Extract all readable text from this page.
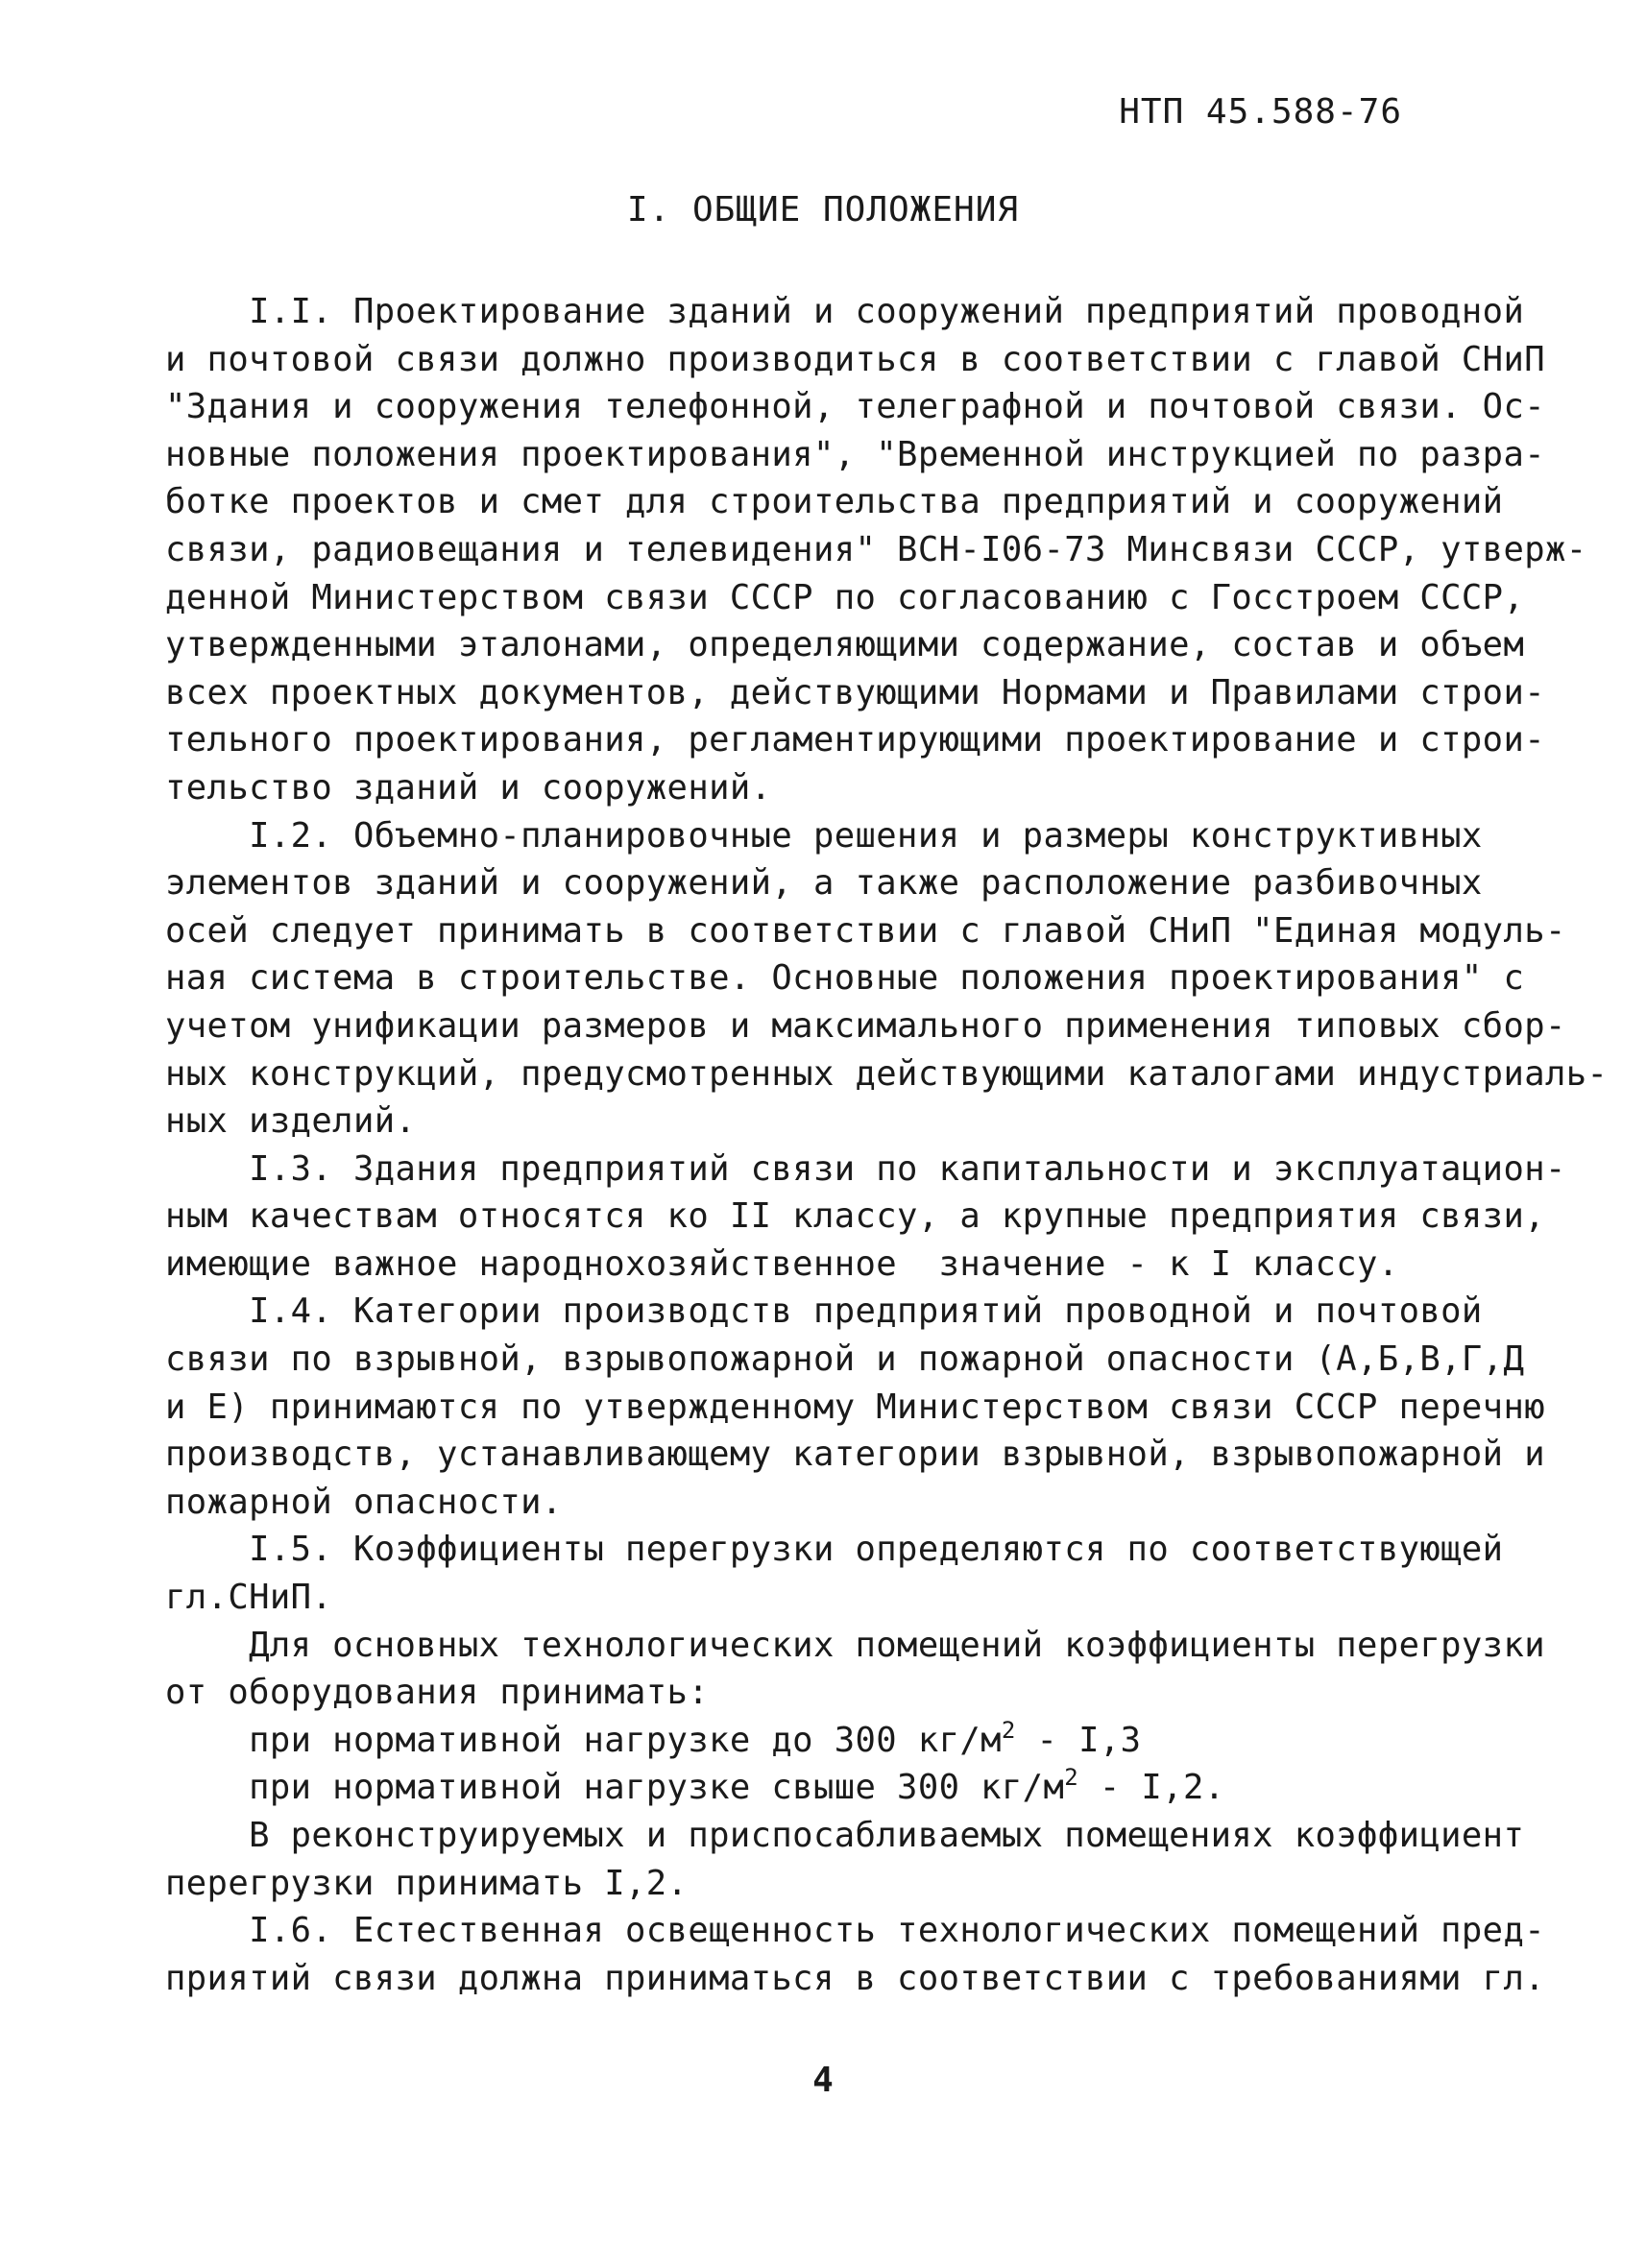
НТП 45.588-76
I. ОБЩИЕ ПОЛОЖЕНИЯ
I.I. Проектирование зданий и сооружений предприятий проводной
и почтовой связи должно производиться в соответствии с главой СНиП
"Здания и сооружения телефонной, телеграфной и почтовой связи. Ос-
новные положения проектирования", "Временной инструкцией по разра-
ботке проектов и смет для строительства предприятий и сооружений
связи, радиовещания и телевидения" ВСН-I06-73 Минсвязи СССР, утверж-
денной Министерством связи СССР по согласованию с Госстроем СССР,
утвержденными эталонами, определяющими содержание, состав и объем
всех проектных документов, действующими Нормами и Правилами строи-
тельного проектирования, регламентирующими проектирование и строи-
тельство зданий и сооружений.
I.2. Объемно-планировочные решения и размеры конструктивных
элементов зданий и сооружений, а также расположение разбивочных
осей следует принимать в соответствии с главой СНиП "Единая модуль-
ная система в строительстве. Основные положения проектирования" с
учетом унификации размеров и максимального применения типовых сбор-
ных конструкций, предусмотренных действующими каталогами индустриаль-
ных изделий.
I.3. Здания предприятий связи по капитальности и эксплуатацион-
ным качествам относятся ко II классу, а крупные предприятия связи,
имеющие важное народнохозяйственное  значение - к I классу.
I.4. Категории производств предприятий проводной и почтовой
связи по взрывной, взрывопожарной и пожарной опасности (А,Б,В,Г,Д
и Е) принимаются по утвержденному Министерством связи СССР перечню
производств, устанавливающему категории взрывной, взрывопожарной и
пожарной опасности.
I.5. Коэффициенты перегрузки определяются по соответствующей
гл.СНиП.
Для основных технологических помещений коэффициенты перегрузки
от оборудования принимать:
при нормативной нагрузке до 300 $кг/м^2 - I,3$
при нормативной нагрузке свыше 300 $кг/м^2 - I,2$.
В реконструируемых и приспосабливаемых помещениях коэффициент
перегрузки принимать I,2.
I.6. Естественная освещенность технологических помещений пред-
приятий связи должна приниматься в соответствии с требованиями гл.
4
